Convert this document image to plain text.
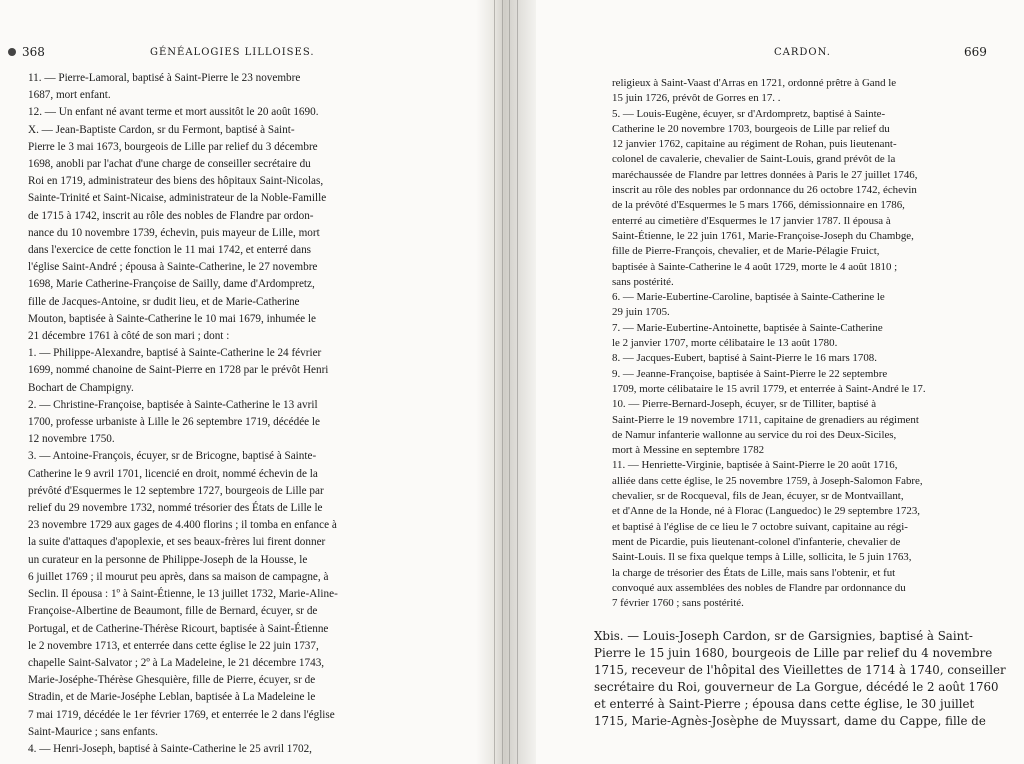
368	GÉNÉALOGIES LILLOISES.
11. — Pierre-Lamoral, baptisé à Saint-Pierre le 23 novembre
1687, mort enfant.
12. — Un enfant né avant terme et mort aussitôt le 20 août 1690.
X. — Jean-Baptiste Cardon, sr du Fermont, baptisé à Saint-
Pierre le 3 mai 1673, bourgeois de Lille par relief du 3 décembre
1698, anobli par l'achat d'une charge de conseiller secrétaire du
Roi en 1719, administrateur des biens des hôpitaux Saint-Nicolas,
Sainte-Trinité et Saint-Nicaise, administrateur de la Noble-Famille
de 1715 à 1742, inscrit au rôle des nobles de Flandre par ordon-
nance du 10 novembre 1739, échevin, puis mayeur de Lille, mort
dans l'exercice de cette fonction le 11 mai 1742, et enterré dans
l'église Saint-André ; épousa à Sainte-Catherine, le 27 novembre
1698, Marie Catherine-Françoise de Sailly, dame d'Ardompretz,
fille de Jacques-Antoine, sr dudit lieu, et de Marie-Catherine
Mouton, baptisée à Sainte-Catherine le 10 mai 1679, inhumée le
21 décembre 1761 à côté de son mari ; dont :
1. — Philippe-Alexandre, baptisé à Sainte-Catherine le 24 février
1699, nommé chanoine de Saint-Pierre en 1728 par le prévôt Henri
Bochart de Champigny.
2. — Christine-Françoise, baptisée à Sainte-Catherine le 13 avril
1700, professe urbaniste à Lille le 26 septembre 1719, décédée le
12 novembre 1750.
3. — Antoine-François, écuyer, sr de Bricogne, baptisé à Sainte-
Catherine le 9 avril 1701, licencié en droit, nommé échevin de la
prévôté d'Esquermes le 12 septembre 1727, bourgeois de Lille par
relief du 29 novembre 1732, nommé trésorier des États de Lille le
23 novembre 1729 aux gages de 4.400 florins ; il tomba en enfance à
la suite d'attaques d'apoplexie, et ses beaux-frères lui firent donner
un curateur en la personne de Philippe-Joseph de la Housse, le
6 juillet 1769 ; il mourut peu après, dans sa maison de campagne, à
Seclin. Il épousa : 1º à Saint-Étienne, le 13 juillet 1732, Marie-Aline-
Françoise-Albertine de Beaumont, fille de Bernard, écuyer, sr de
Portugal, et de Catherine-Thérèse Ricourt, baptisée à Saint-Étienne
le 2 novembre 1713, et enterrée dans cette église le 22 juin 1737,
chapelle Saint-Salvator ; 2º à La Madeleine, le 21 décembre 1743,
Marie-Joséphe-Thérèse Ghesquière, fille de Pierre, écuyer, sr de
Stradin, et de Marie-Joséphe Leblan, baptisée à La Madeleine le
7 mai 1719, décédée le 1er février 1769, et enterrée le 2 dans l'église
Saint-Maurice ; sans enfants.
4. — Henri-Joseph, baptisé à Sainte-Catherine le 25 avril 1702,
CARDON.	669
religieux à Saint-Vaast d'Arras en 1721, ordonné prêtre à Gand le
15 juin 1726, prévôt de Gorres en 17. .
5. — Louis-Eugène, écuyer, sr d'Ardompretz, baptisé à Sainte-
Catherine le 20 novembre 1703, bourgeois de Lille par relief du
12 janvier 1762, capitaine au régiment de Rohan, puis lieutenant-
colonel de cavalerie, chevalier de Saint-Louis, grand prévôt de la
maréchaussée de Flandre par lettres données à Paris le 27 juillet 1746,
inscrit au rôle des nobles par ordonnance du 26 octobre 1742, échevin
de la prévôté d'Esquermes le 5 mars 1766, démissionnaire en 1786,
enterré au cimetière d'Esquermes le 17 janvier 1787. Il épousa à
Saint-Étienne, le 22 juin 1761, Marie-Françoise-Joseph du Chambge,
fille de Pierre-François, chevalier, et de Marie-Pélagie Fruict,
baptisée à Sainte-Catherine le 4 août 1729, morte le 4 août 1810 ;
sans postérité.
6. — Marie-Eubertine-Caroline, baptisée à Sainte-Catherine le
29 juin 1705.
7. — Marie-Eubertine-Antoinette, baptisée à Sainte-Catherine
le 2 janvier 1707, morte célibataire le 13 août 1780.
8. — Jacques-Eubert, baptisé à Saint-Pierre le 16 mars 1708.
9. — Jeanne-Françoise, baptisée à Saint-Pierre le 22 septembre
1709, morte célibataire le 15 avril 1779, et enterrée à Saint-André le 17.
10. — Pierre-Bernard-Joseph, écuyer, sr de Tilliter, baptisé à
Saint-Pierre le 19 novembre 1711, capitaine de grenadiers au régiment
de Namur infanterie wallonne au service du roi des Deux-Siciles,
mort à Messine en septembre 1782
11. — Henriette-Virginie, baptisée à Saint-Pierre le 20 août 1716,
alliée dans cette église, le 25 novembre 1759, à Joseph-Salomon Fabre,
chevalier, sr de Rocqueval, fils de Jean, écuyer, sr de Montvaillant,
et d'Anne de la Honde, né à Florac (Languedoc) le 29 septembre 1723,
et baptisé à l'église de ce lieu le 7 octobre suivant, capitaine au régi-
ment de Picardie, puis lieutenant-colonel d'infanterie, chevalier de
Saint-Louis. Il se fixa quelque temps à Lille, sollicita, le 5 juin 1763,
la charge de trésorier des États de Lille, mais sans l'obtenir, et fut
convoqué aux assemblées des nobles de Flandre par ordonnance du
7 février 1760 ; sans postérité.
Xbis. — Louis-Joseph Cardon, sr de Garsignies, baptisé à Saint-
Pierre le 15 juin 1680, bourgeois de Lille par relief du 4 novembre
1715, receveur de l'hôpital des Vieillettes de 1714 à 1740, conseiller
secrétaire du Roi, gouverneur de La Gorgue, décédé le 2 août 1760
et enterré à Saint-Pierre ; épousa dans cette église, le 30 juillet
1715, Marie-Agnès-Josèphe de Muyssart, dame du Cappe, fille de
